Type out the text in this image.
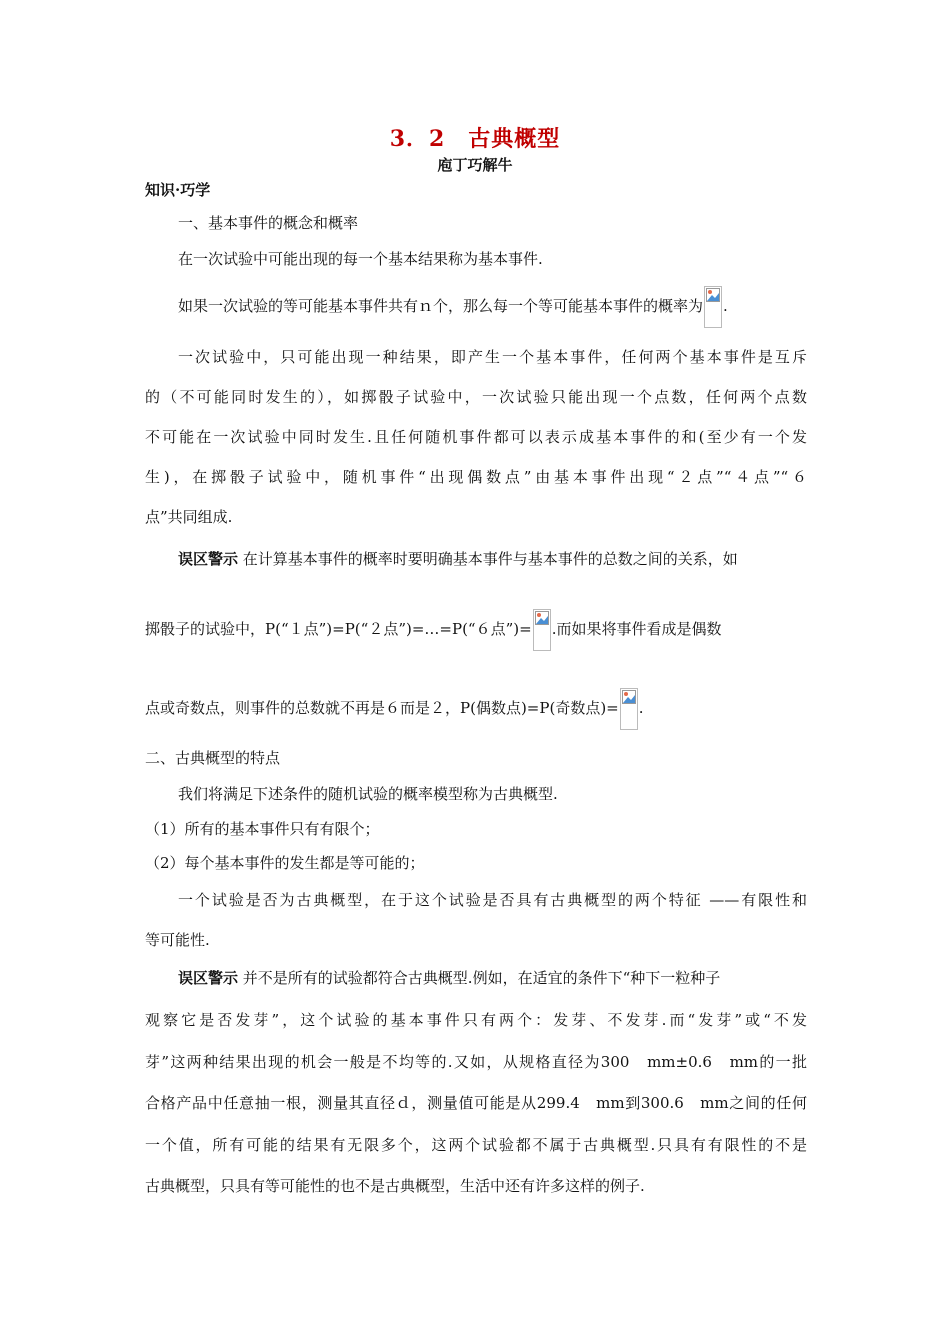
3．2　古典概型
庖丁巧解牛
知识·巧学
一、基本事件的概念和概率
在一次试验中可能出现的每一个基本结果称为基本事件.
如果一次试验的等可能基本事件共有ｎ个，那么每一个等可能基本事件的概率为 .
一次试验中，只可能出现一种结果，即产生一个基本事件，任何两个基本事件是互斥
的（不可能同时发生的），如掷骰子试验中，一次试验只能出现一个点数，任何两个点数
不可能在一次试验中同时发生.且任何随机事件都可以表示成基本事件的和(至少有一个发
生)，在掷骰子试验中，随机事件“出现偶数点”由基本事件出现“２点”“４点”“６
点”共同组成.
误区警示 在计算基本事件的概率时要明确基本事件与基本事件的总数之间的关系，如
掷骰子的试验中，P(“１点”)=P(“２点”)=…=P(“６点”)= .而如果将事件看成是偶数
点或奇数点，则事件的总数就不再是６而是２，P(偶数点)=P(奇数点)= .
二、古典概型的特点
我们将满足下述条件的随机试验的概率模型称为古典概型.
（1）所有的基本事件只有有限个；
（2）每个基本事件的发生都是等可能的；
一个试验是否为古典概型，在于这个试验是否具有古典概型的两个特征 ——有限性和
等可能性.
误区警示 并不是所有的试验都符合古典概型.例如，在适宜的条件下“种下一粒种子
观察它是否发芽”，这个试验的基本事件只有两个：发芽、不发芽.而“发芽”或“不发
芽”这两种结果出现的机会一般是不均等的.又如，从规格直径为300　mm±0.6　mm的一批
合格产品中任意抽一根，测量其直径ｄ，测量值可能是从299.4　mm到300.6　mm之间的任何
一个值，所有可能的结果有无限多个，这两个试验都不属于古典概型.只具有有限性的不是
古典概型，只具有等可能性的也不是古典概型，生活中还有许多这样的例子.
